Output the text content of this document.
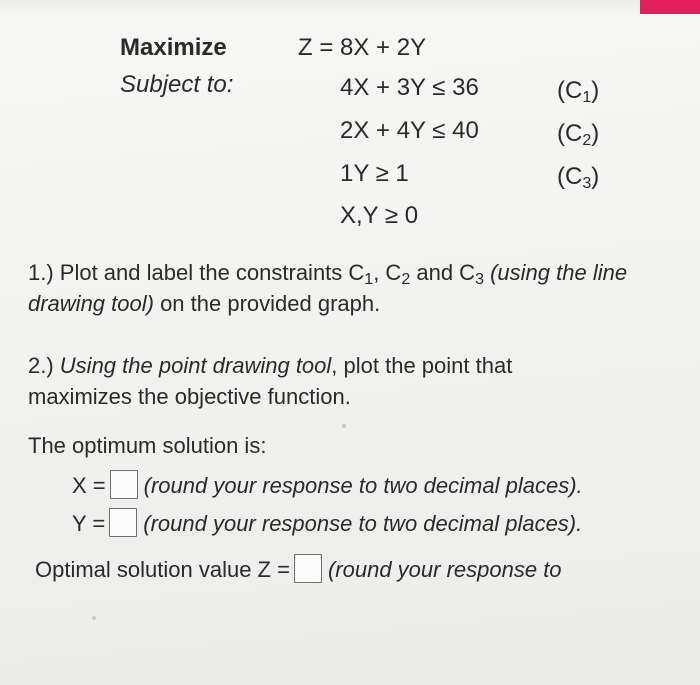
Maximize	Z = 8X + 2Y
Subject to:	4X + 3Y ≤ 36	$(C_1)$
2X + 4Y ≤ 40	$(C_2)$
1Y ≥ 1	$(C_3)$
X,Y ≥ 0
1.) Plot and label the constraints $C_1$, $C_2$ and $C_3$ (using the line drawing tool) on the provided graph.
2.) Using the point drawing tool, plot the point that maximizes the objective function.
The optimum solution is:
X = (round your response to two decimal places).
Y = (round your response to two decimal places).
Optimal solution value Z = (round your response to
